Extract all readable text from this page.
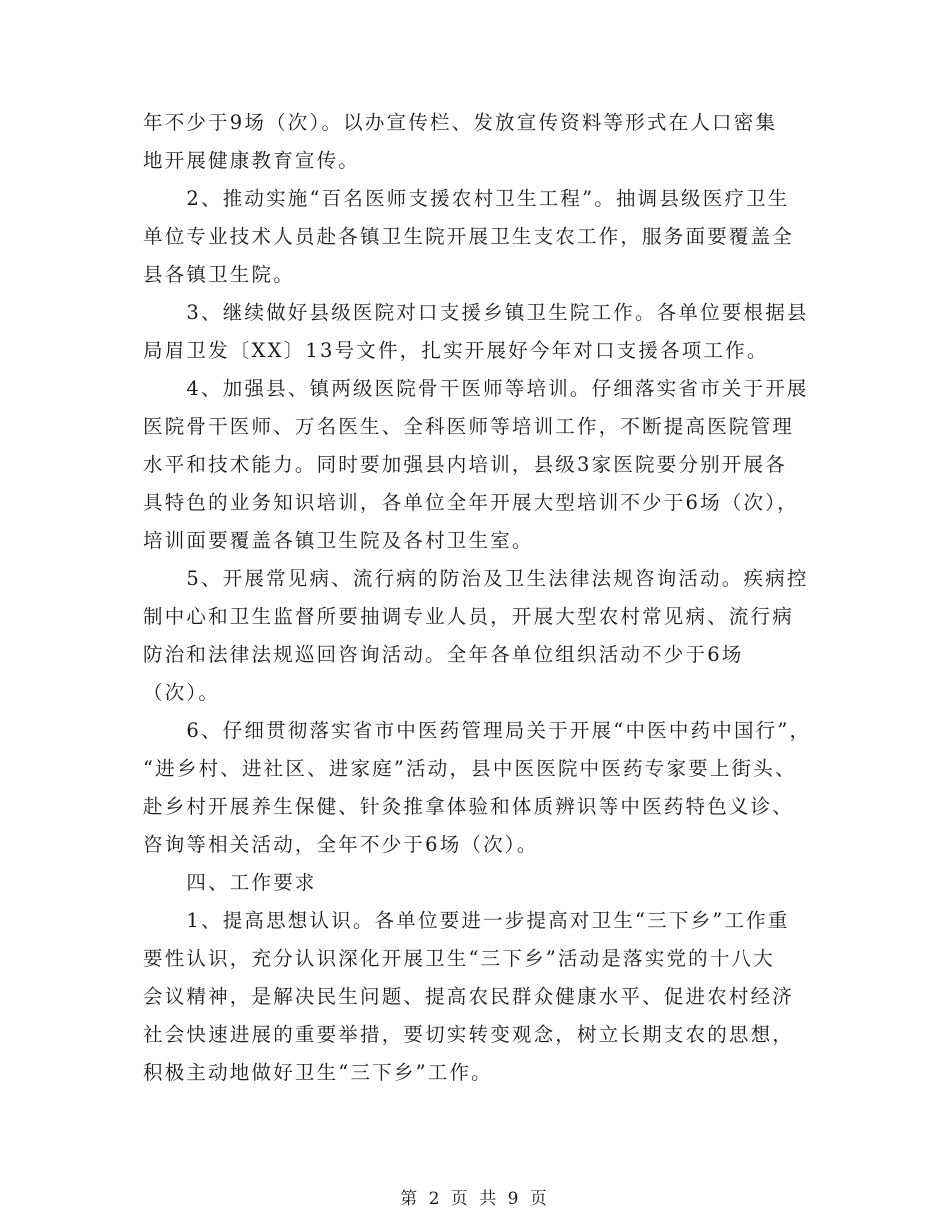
年不少于9场（次）。以办宣传栏、发放宣传资料等形式在人口密集
地开展健康教育宣传。
　　2、推动实施“百名医师支援农村卫生工程”。抽调县级医疗卫生
单位专业技术人员赴各镇卫生院开展卫生支农工作，服务面要覆盖全
县各镇卫生院。
　　3、继续做好县级医院对口支援乡镇卫生院工作。各单位要根据县
局眉卫发〔XX〕13号文件，扎实开展好今年对口支援各项工作。
　　4、加强县、镇两级医院骨干医师等培训。仔细落实省市关于开展
医院骨干医师、万名医生、全科医师等培训工作，不断提高医院管理
水平和技术能力。同时要加强县内培训，县级3家医院要分别开展各
具特色的业务知识培训，各单位全年开展大型培训不少于6场（次），
培训面要覆盖各镇卫生院及各村卫生室。
　　5、开展常见病、流行病的防治及卫生法律法规咨询活动。疾病控
制中心和卫生监督所要抽调专业人员，开展大型农村常见病、流行病
防治和法律法规巡回咨询活动。全年各单位组织活动不少于6场
（次）。
　　6、仔细贯彻落实省市中医药管理局关于开展“中医中药中国行”，
“进乡村、进社区、进家庭”活动，县中医医院中医药专家要上街头、
赴乡村开展养生保健、针灸推拿体验和体质辨识等中医药特色义诊、
咨询等相关活动，全年不少于6场（次）。
　　四、工作要求
　　1、提高思想认识。各单位要进一步提高对卫生“三下乡”工作重
要性认识，充分认识深化开展卫生“三下乡”活动是落实党的十八大
会议精神，是解决民生问题、提高农民群众健康水平、促进农村经济
社会快速进展的重要举措，要切实转变观念，树立长期支农的思想，
积极主动地做好卫生“三下乡”工作。
第 2 页 共 9 页
